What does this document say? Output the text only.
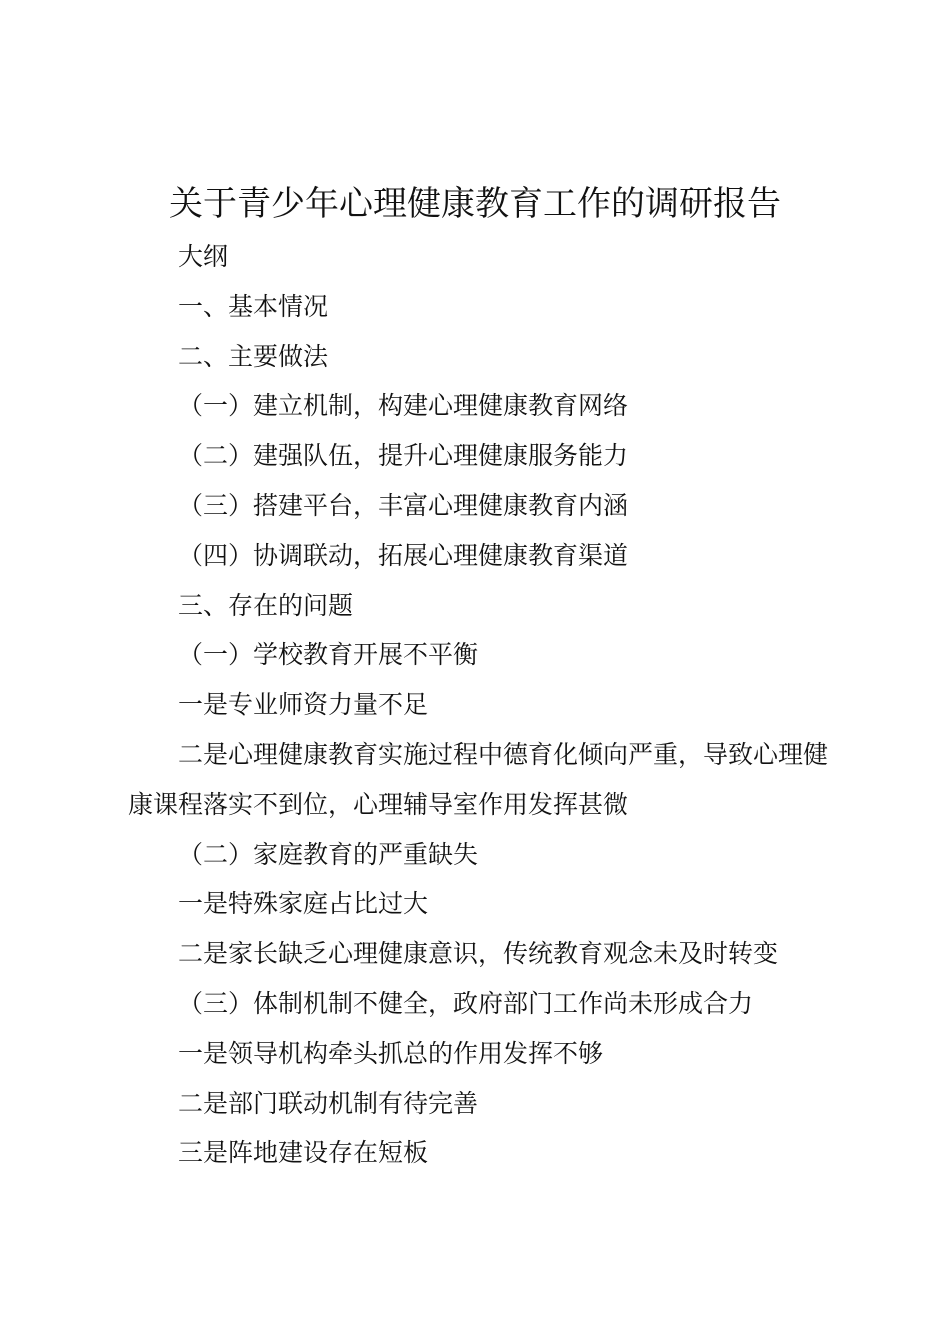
关于青少年心理健康教育工作的调研报告
大纲
一、基本情况
二、主要做法
（一）建立机制，构建心理健康教育网络
（二）建强队伍，提升心理健康服务能力
（三）搭建平台，丰富心理健康教育内涵
（四）协调联动，拓展心理健康教育渠道
三、存在的问题
（一）学校教育开展不平衡
一是专业师资力量不足
二是心理健康教育实施过程中德育化倾向严重，导致心理健康课程落实不到位，心理辅导室作用发挥甚微
（二）家庭教育的严重缺失
一是特殊家庭占比过大
二是家长缺乏心理健康意识，传统教育观念未及时转变
（三）体制机制不健全，政府部门工作尚未形成合力
一是领导机构牵头抓总的作用发挥不够
二是部门联动机制有待完善
三是阵地建设存在短板
